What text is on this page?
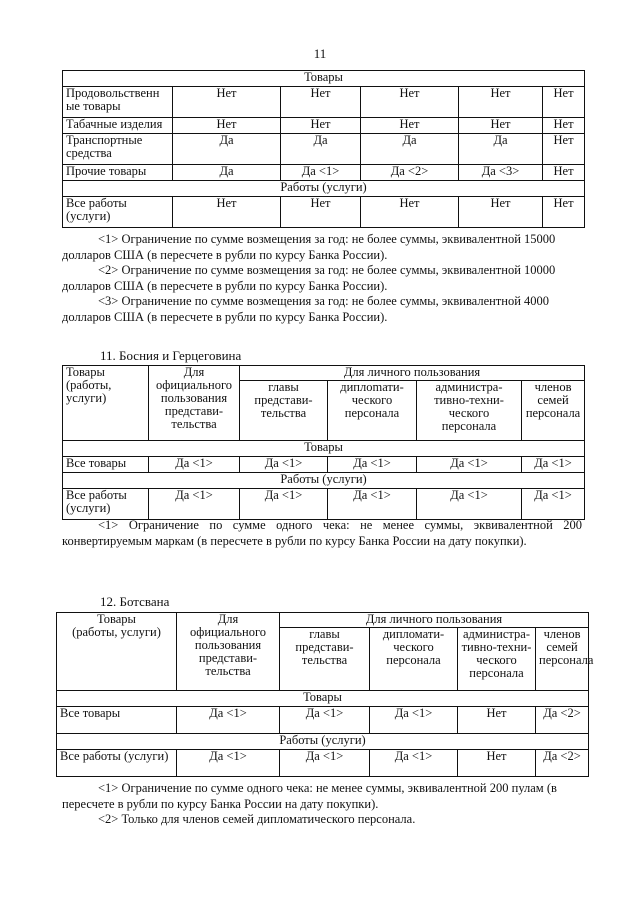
11
Товары					
Продовольственн
ые товары	Нет	Нет	Нет	Нет	Нет
Табачные изделия	Нет	Нет	Нет	Нет	Нет
Транспортные
средства	Да	Да	Да	Да	Нет
Прочие товары	Да	Да <1>	Да <2>	Да <3>	Нет
Работы (услуги)					
Все работы
(услуги)	Нет	Нет	Нет	Нет	Нет

<1> Ограничение по сумме возмещения за год: не более суммы, эквивалентной 15000 долларов США (в пересчете в рубли по курсу Банка России).

<2> Ограничение по сумме возмещения за год: не более суммы, эквивалентной 10000 долларов США (в пересчете в рубли по курсу Банка России).

<3> Ограничение по сумме возмещения за год: не более суммы, эквивалентной 4000 долларов США (в пересчете в рубли по курсу Банка России).

11. Босния и Герцеговина
Товары
(работы,
услуги)	Для
официального
пользования
представи-
тельства	Для личного пользования			
		главы
представи-
тельства	диплomати-
ческого
персонала	администра-
тивно-техни-
ческого
персонала	членов
семей
персонала
Товары					
Все товары	Да <1>	Да <1>	Да <1>	Да <1>	Да <1>
Работы (услуги)					
Все работы
(услуги)	Да <1>	Да <1>	Да <1>	Да <1>	Да <1>

<1> Ограничение по сумме одного чека: не менее суммы, эквивалентной 200 конвертируемым маркам (в пересчете в рубли по курсу Банка России на дату покупки).

12. Ботсвана
Товары
(работы, услуги)	Для
официального
пользования
представи-
тельства	Для личного пользования			
		главы
представи-
тельства	дипломати-
ческого
персонала	администра-
тивно-техни-
ческого
персонала	членов
семей
персонала
Товары					
Все товары	Да <1>	Да <1>	Да <1>	Нет	Да <2>
Работы (услуги)					
Все работы (услуги)	Да <1>	Да <1>	Да <1>	Нет	Да <2>

<1> Ограничение по сумме одного чека: не менее суммы, эквивалентной 200 пулам (в пересчете в рубли по курсу Банка России на дату покупки).

<2> Только для членов семей дипломатического персонала.
